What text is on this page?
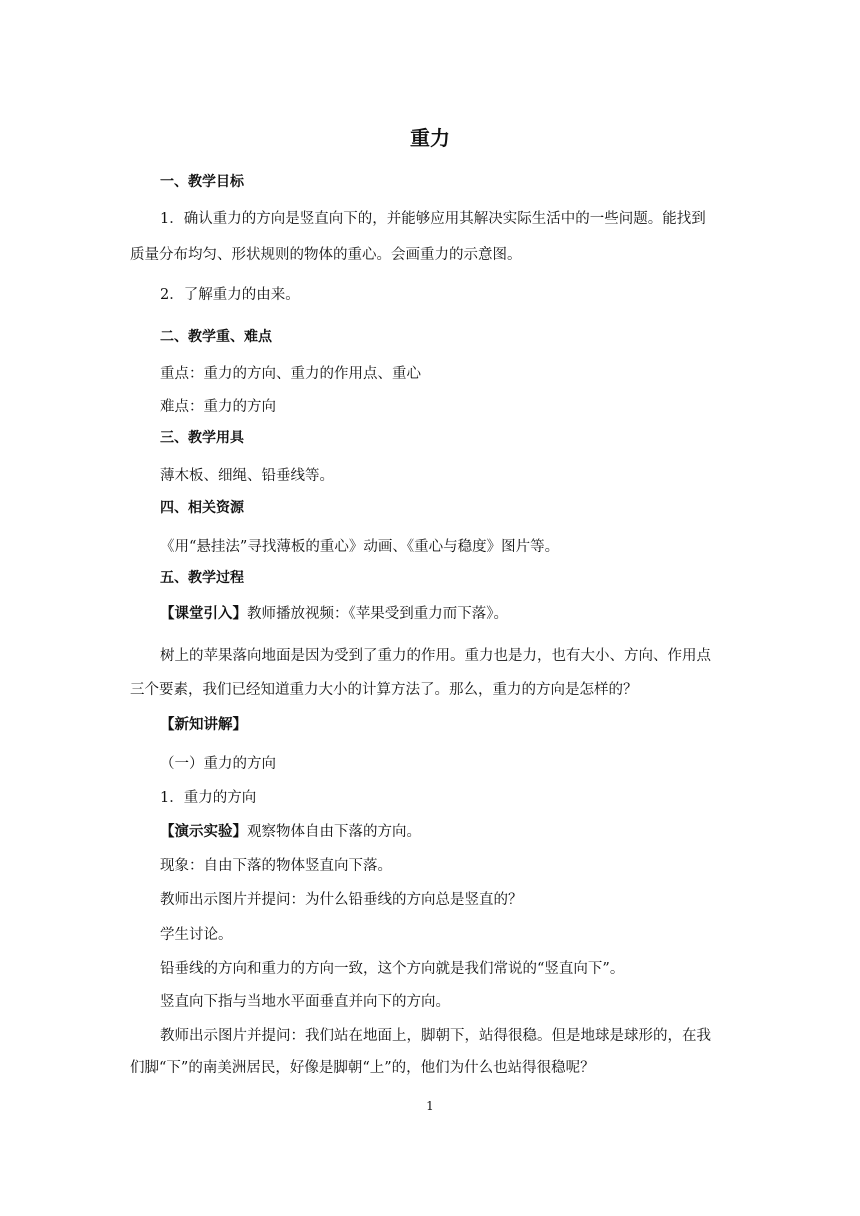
重力

一、教学目标

1．确认重力的方向是竖直向下的，并能够应用其解决实际生活中的一些问题。能找到

质量分布均匀、形状规则的物体的重心。会画重力的示意图。

2．了解重力的由来。

二、教学重、难点

重点：重力的方向、重力的作用点、重心

难点：重力的方向

三、教学用具

薄木板、细绳、铅垂线等。

四、相关资源

《用“悬挂法”寻找薄板的重心》动画、《重心与稳度》图片等。

五、教学过程

【课堂引入】教师播放视频：《苹果受到重力而下落》。

树上的苹果落向地面是因为受到了重力的作用。重力也是力，也有大小、方向、作用点

三个要素，我们已经知道重力大小的计算方法了。那么，重力的方向是怎样的？

【新知讲解】

（一）重力的方向

1．重力的方向

【演示实验】观察物体自由下落的方向。

现象：自由下落的物体竖直向下落。

教师出示图片并提问：为什么铅垂线的方向总是竖直的？

学生讨论。

铅垂线的方向和重力的方向一致，这个方向就是我们常说的“竖直向下”。

竖直向下指与当地水平面垂直并向下的方向。

教师出示图片并提问：我们站在地面上，脚朝下，站得很稳。但是地球是球形的，在我

们脚“下”的南美洲居民，好像是脚朝“上”的，他们为什么也站得很稳呢？

1
